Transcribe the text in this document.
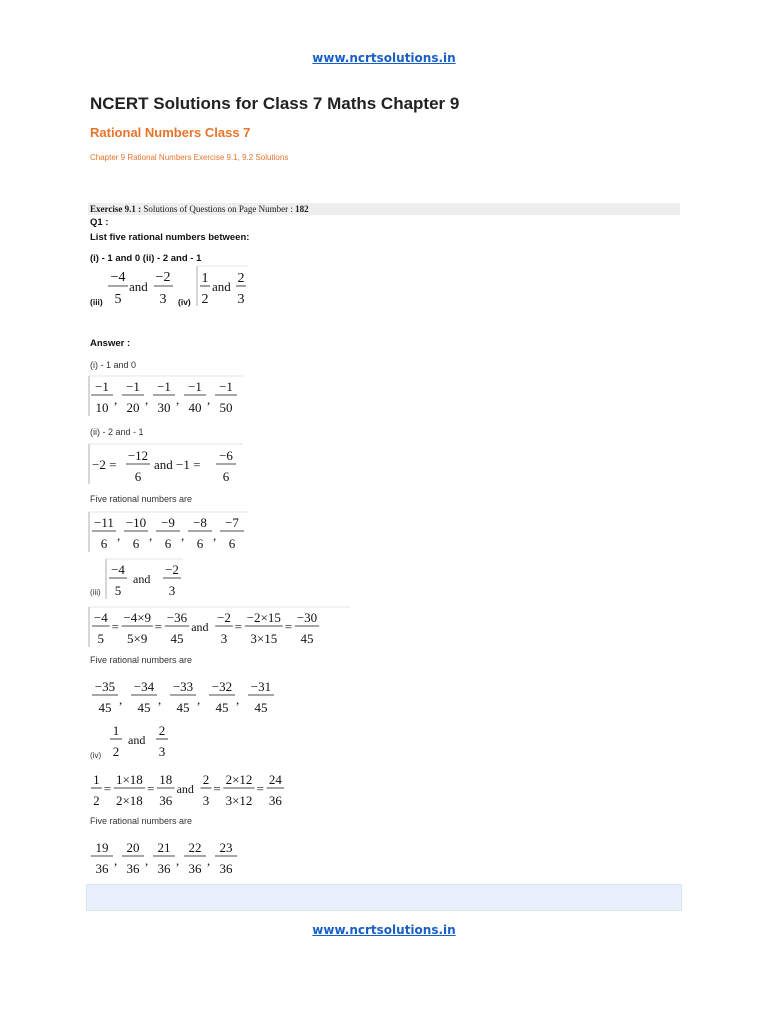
www.ncrtsolutions.in
NCERT Solutions for Class 7 Maths Chapter 9
Rational Numbers Class 7
Chapter 9 Rational Numbers Exercise 9.1, 9.2 Solutions
Exercise 9.1 : Solutions of Questions on Page Number : 182
Q1 :
List five rational numbers between:
(i) - 1 and 0 (ii) - 2 and - 1
(iii)
−4
5
and
−2
3 (iv)
1
2
and
2
3
Answer :
(i) - 1 and 0
−1
10
,
−1
20
,
−1
30
,
−1
40
,
−1
50
(ii) - 2 and - 1
−2 =
−12
6
and −1 =
−6
6
Five rational numbers are
−11
6
,
−10
6
,
−9
6
,
−8
6
,
−7
6
(iii)
−4
5
and
−2
3
−4
5
=
−4×9
5×9
=
−36
45
and
−2
3
=
−2×15
3×15
=
−30
45
Five rational numbers are
−35
45
,
−34
45
,
−33
45
,
−32
45
,
−31
45
(iv)
1
2
and
2
3
1
2
=
1×18
2×18
=
18
36
and
2
3
=
2×12
3×12
=
24
36
Five rational numbers are
19
36
,
20
36
,
21
36
,
22
36
,
23
36
www.ncrtsolutions.in
